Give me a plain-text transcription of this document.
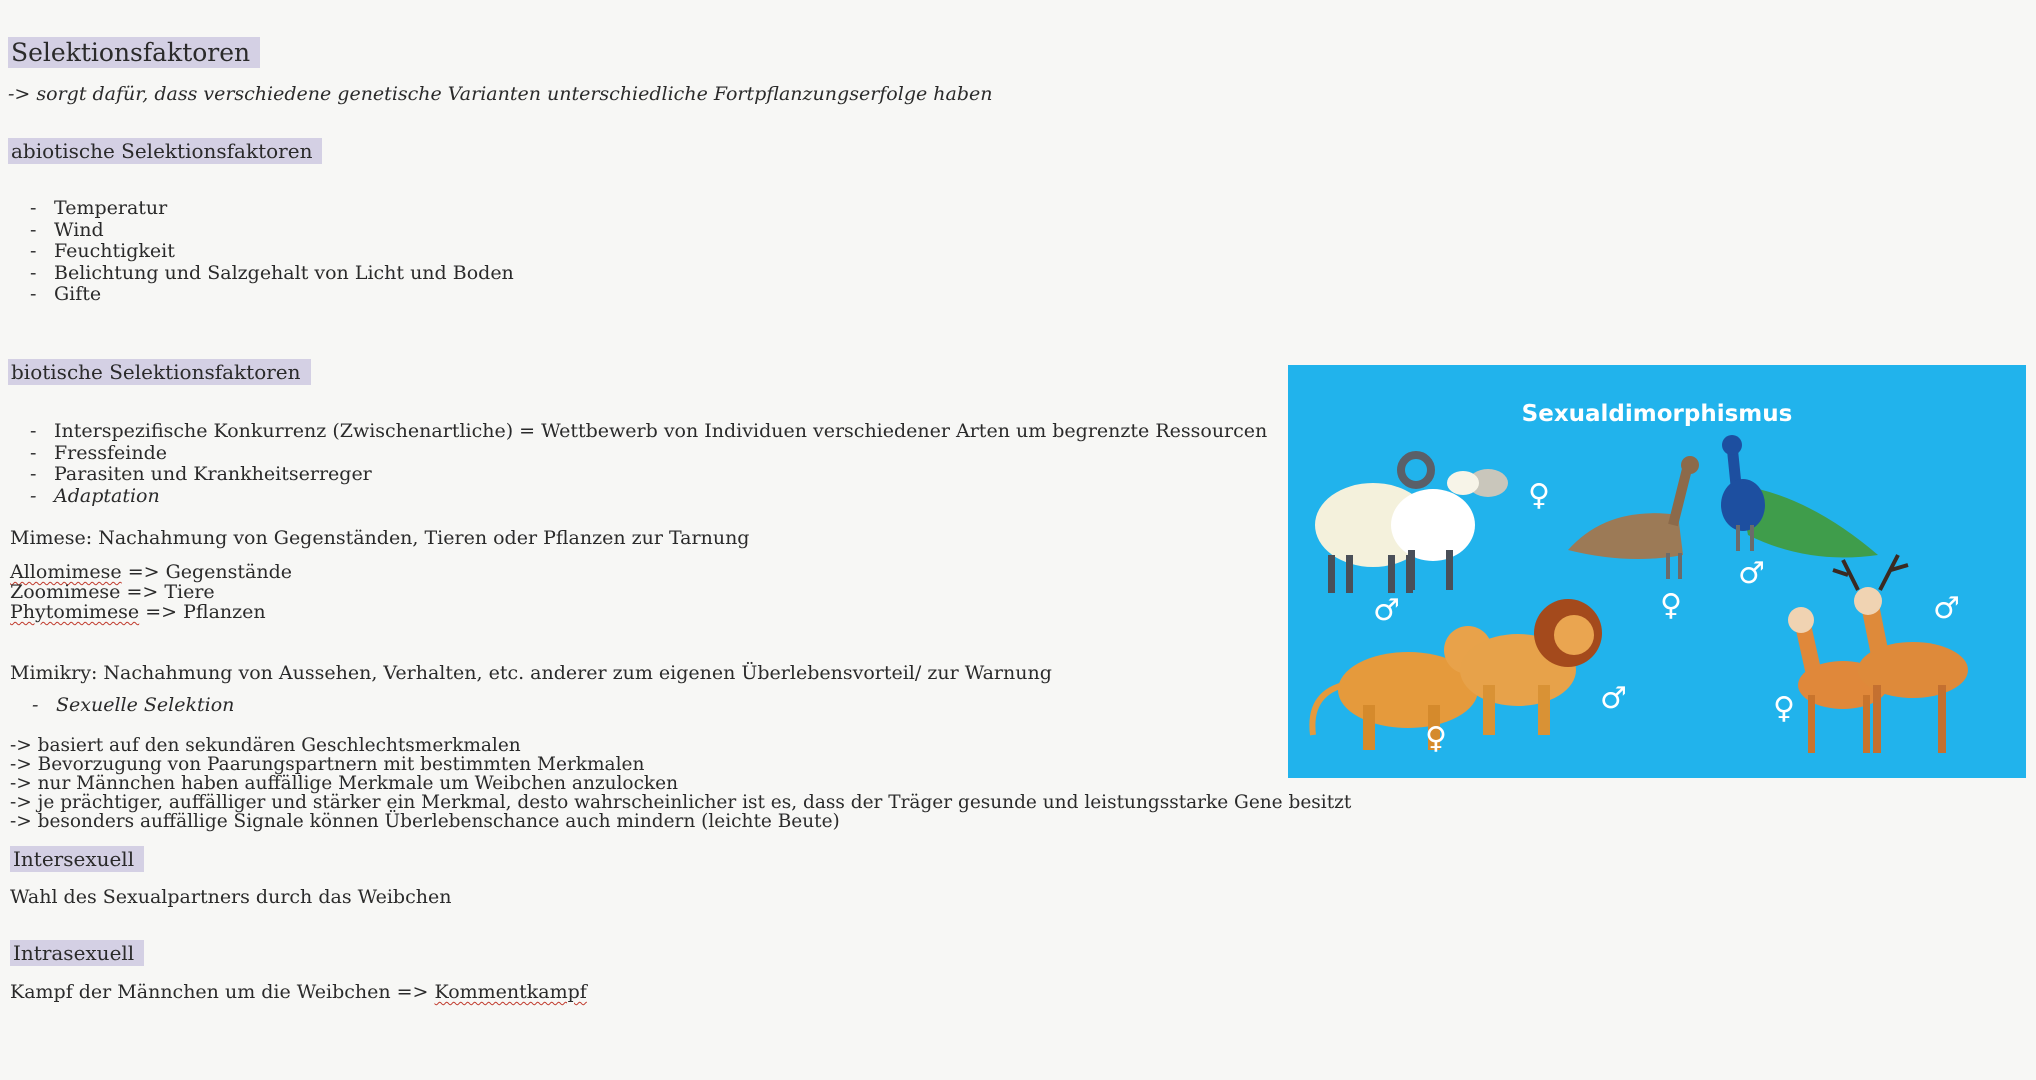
Selektionsfaktoren
-> sorgt dafür, dass verschiedene genetische Varianten unterschiedliche Fortpflanzungserfolge haben
abiotische Selektionsfaktoren
- Temperatur
- Wind
- Feuchtigkeit
- Belichtung und Salzgehalt von Licht und Boden
- Gifte
biotische Selektionsfaktoren
- Interspezifische Konkurrenz (Zwischenartliche) = Wettbewerb von Individuen verschiedener Arten um begrenzte Ressourcen
- Fressfeinde
- Parasiten und Krankheitserreger
- Adaptation
Mimese: Nachahmung von Gegenständen, Tieren oder Pflanzen zur Tarnung
Allomimese => Gegenstände
Zoomimese => Tiere
Phytomimese => Pflanzen
Mimikry: Nachahmung von Aussehen, Verhalten, etc. anderer zum eigenen Überlebensvorteil/ zur Warnung
- Sexuelle Selektion
-> basiert auf den sekundären Geschlechtsmerkmalen
-> Bevorzugung von Paarungspartnern mit bestimmten Merkmalen
-> nur Männchen haben auffällige Merkmale um Weibchen anzulocken
-> je prächtiger, auffälliger und stärker ein Merkmal, desto wahrscheinlicher ist es, dass der Träger gesunde und leistungsstarke Gene besitzt
-> besonders auffällige Signale können Überlebenschance auch mindern (leichte Beute)
Intersexuell
Wahl des Sexualpartners durch das Weibchen
Intrasexuell
Kampf der Männchen um die Weibchen => Kommentkampf
Sexualdimorphismus
♂
♀
♀
♂
♂
♂
♀
♀
